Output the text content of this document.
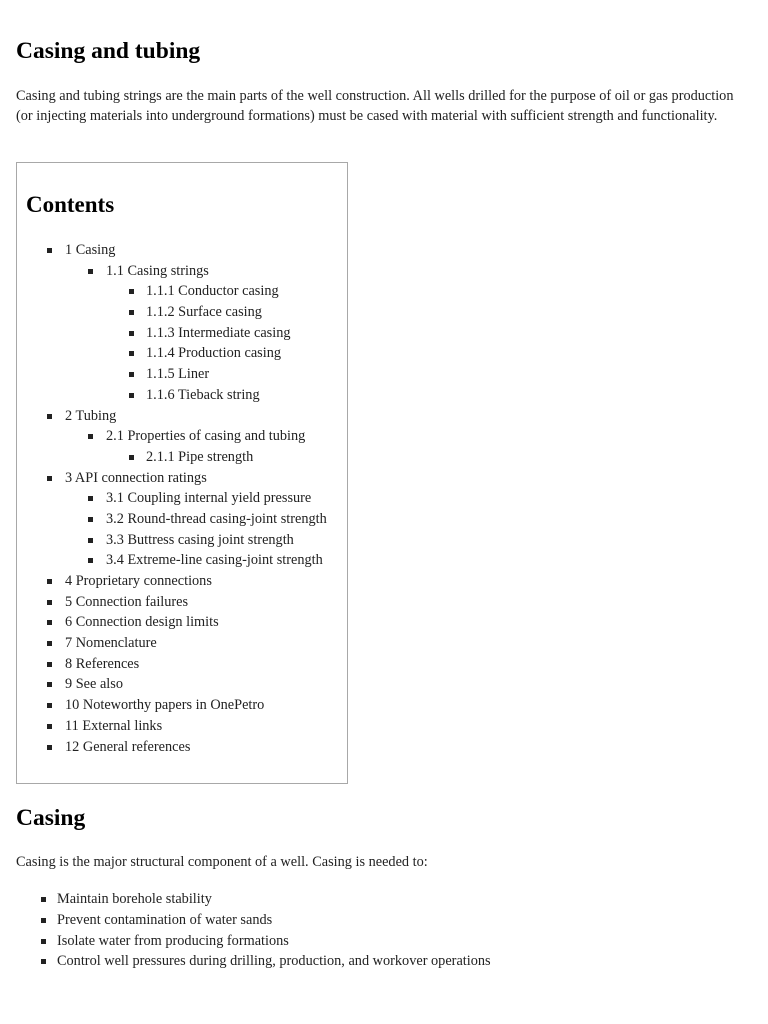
Casing and tubing

Casing and tubing strings are the main parts of the well construction. All wells drilled for the purpose of oil or gas production (or injecting materials into underground formations) must be cased with material with sufficient strength and functionality.

Contents
1 Casing
1.1 Casing strings
1.1.1 Conductor casing
1.1.2 Surface casing
1.1.3 Intermediate casing
1.1.4 Production casing
1.1.5 Liner
1.1.6 Tieback string
2 Tubing
2.1 Properties of casing and tubing
2.1.1 Pipe strength
3 API connection ratings
3.1 Coupling internal yield pressure
3.2 Round-thread casing-joint strength
3.3 Buttress casing joint strength
3.4 Extreme-line casing-joint strength
4 Proprietary connections
5 Connection failures
6 Connection design limits
7 Nomenclature
8 References
9 See also
10 Noteworthy papers in OnePetro
11 External links
12 General references
Casing

Casing is the major structural component of a well. Casing is needed to:

Maintain borehole stability
Prevent contamination of water sands
Isolate water from producing formations
Control well pressures during drilling, production, and workover operations
